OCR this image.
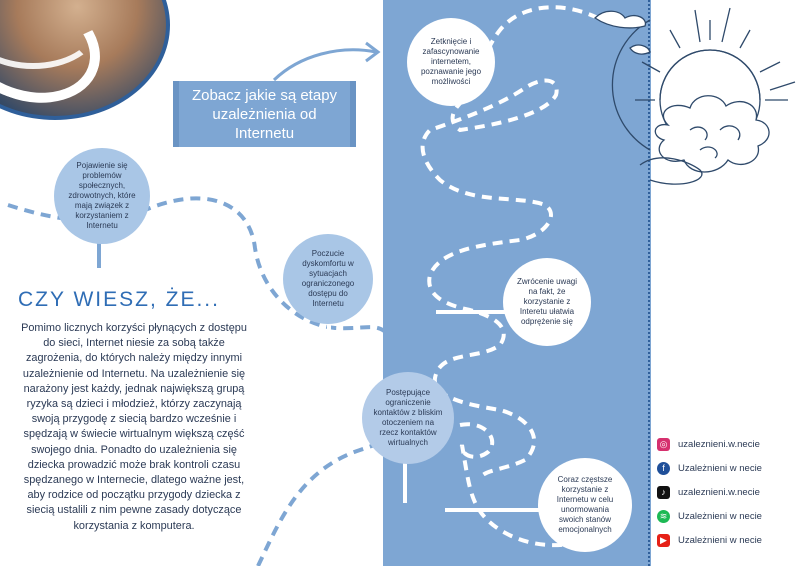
Zobacz jakie są etapy uzależnienia od Internetu
CZY WIESZ, ŻE...

Pomimo licznych korzyści płynących z dostępu do sieci, Internet niesie za sobą także zagrożenia, do których należy między innymi uzależnienie od Internetu. Na uzależnienie się narażony jest każdy, jednak największą grupą ryzyka są dzieci i młodzież, którzy zaczynają swoją przygodę z siecią bardzo wcześnie i spędzają w świecie wirtualnym większą część swojego dnia. Ponadto do uzależnienia się dziecka prowadzić może brak kontroli czasu spędzanego w Internecie, dlatego ważne jest, aby rodzice od początku przygody dziecka z siecią ustalili z nim pewne zasady dotyczące korzystania z komputera.

Zetknięcie i zafascynowanie internetem, poznawanie jego możliwości
Zwrócenie uwagi na fakt, że korzystanie z Interetu ułatwia odprężenie się
Coraz częstsze korzystanie z Internetu w celu unormowania swoich stanów emocjonalnych
Postępujące ograniczenie kontaktów z bliskim otoczeniem na rzecz kontaktów wirtualnych
Poczucie dyskomfortu w sytuacjach ograniczonego dostępu do Internetu
Pojawienie się problemów społecznych, zdrowotnych, które mają związek z korzystaniem z Internetu
◎ uzaleznieni.w.necie
f	Uzależnieni w necie
♪	uzaleznieni.w.necie
≋ Uzależnieni w necie
▶	Uzależnieni w necie
